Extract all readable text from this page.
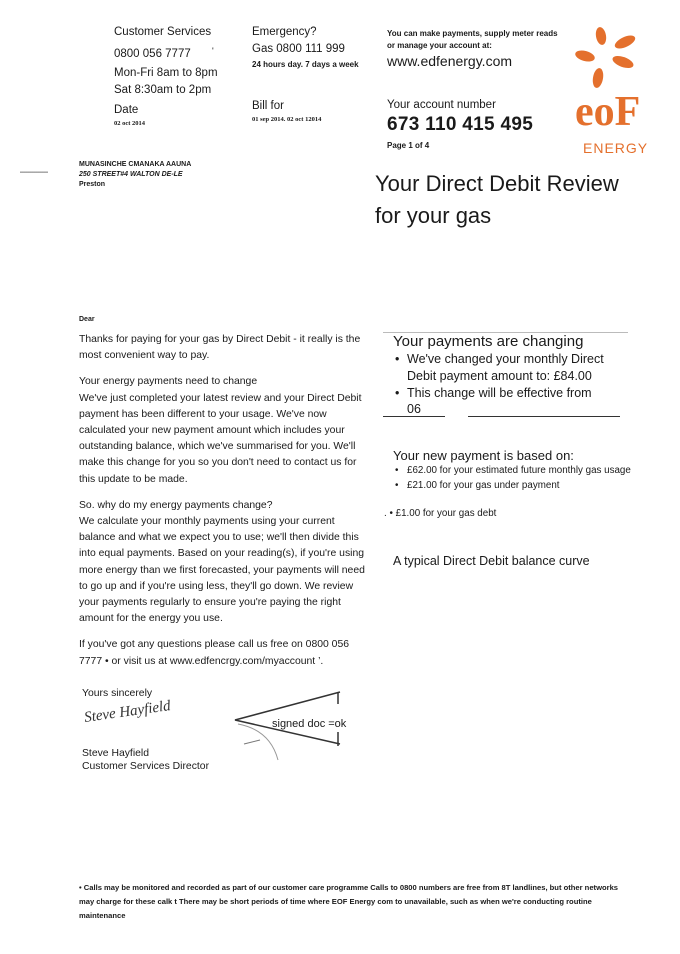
Customer Services
0800 056 7777 '
Mon-Fri 8am to 8pm
Sat 8:30am to 2pm
Emergency?
Gas 0800 111 999
24 hours day. 7 days a week
You can make payments, supply meter reads or manage your account at:
www.edfenergy.com
Date
02 oct 2014
Bill for
01 sep 2014. 02 oct 12014
Your account number
673 110 415 495
Page 1 of 4
eoF
ENERGY
--------------
MUNASINCHE CMANAKA AAUNA
250 STREET#4 WALTON DE-LE
Preston	Your Direct Debit Review
for your gas
Dear

Thanks for paying for your gas by Direct Debit - it really is the most convenient way to pay.

Your energy payments need to change

We've just completed your latest review and your Direct Debit payment has been different to your usage. We've now calculated your new payment amount which includes your outstanding balance, which we've summarised for you. We'll make this change for you so you don't need to contact us for this update to be made.

So. why do my energy payments change?

We calculate your monthly payments using your current balance and what we expect you to use; we'll then divide this into equal payments. Based on your reading(s), if you're using more energy than we first forecasted, your payments will need to go up and if you're using less, they'll go down. We review your payments regularly to ensure you're paying the right amount for the energy you use.

If you've got any questions please call us free on 0800 056 7777 • or visit us at www.edfencrgy.com/myaccount ’.

Yours sincerely
Steve Hayfield	signed doc =ok
Steve Hayfield
Customer Services Director
Your payments are changing
• We've changed your monthly Direct Debit payment amount to: £84.00
• This change will be effective from
06
Your new payment is based on:
• £62.00 for your estimated future monthly gas usage
• £21.00 for your gas under payment
. • £1.00 for your gas debt
A typical Direct Debit balance curve
• Calls may be monitored and recorded as part of our customer care programme Calls to 0800 numbers are free from 8T landlines, but other networks may charge for these calk t There may be short periods of time where EOF Energy com to unavailable, such as when we're conducting routine maintenance
